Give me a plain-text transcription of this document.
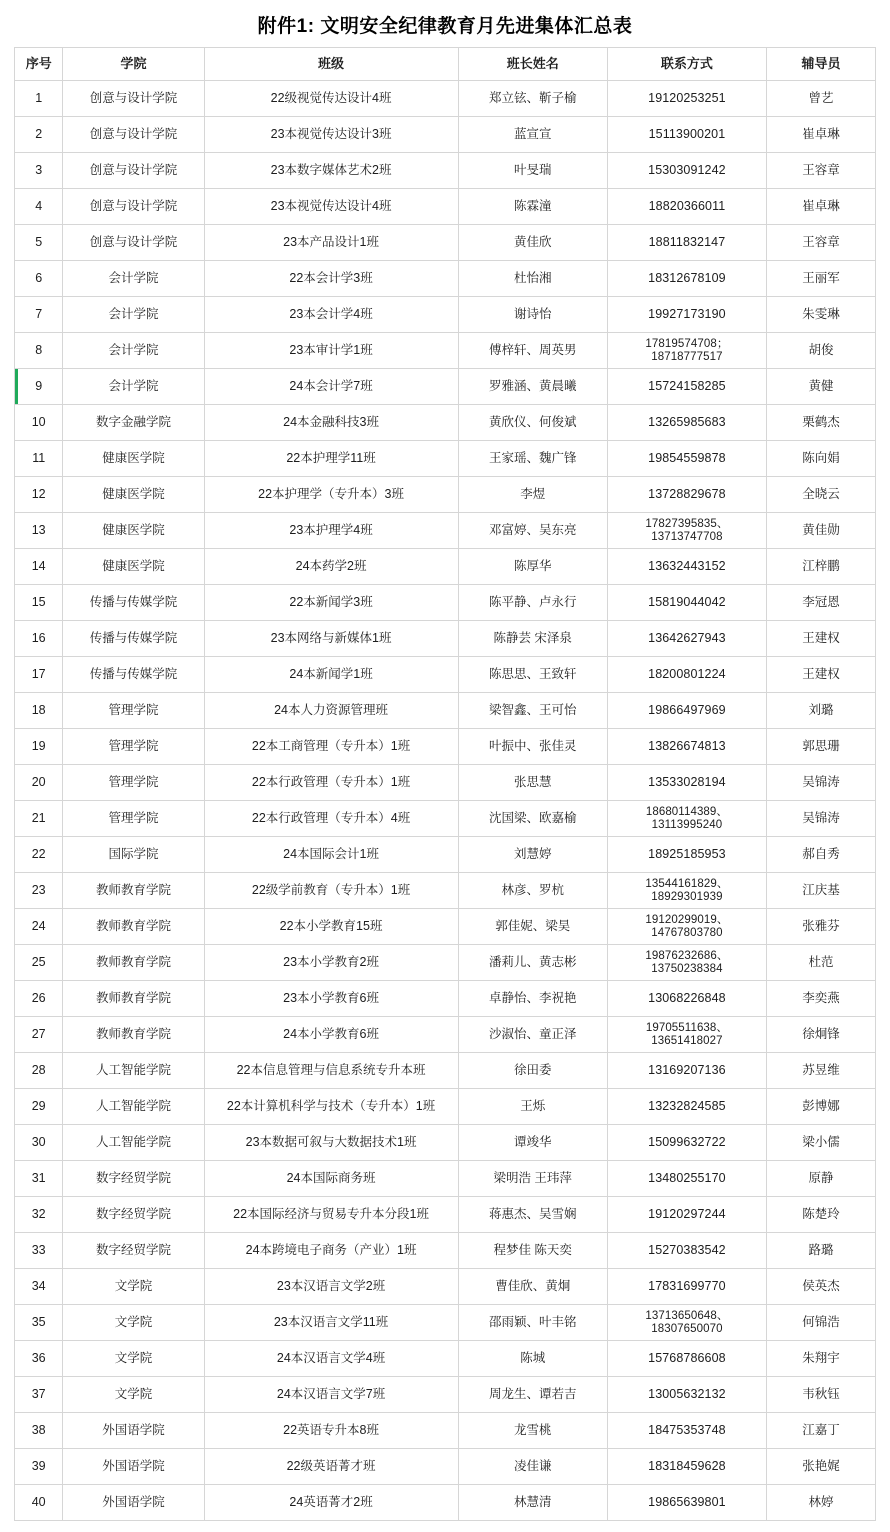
附件1: 文明安全纪律教育月先进集体汇总表
序号	学院	班级	班长姓名	联系方式	辅导员
1	创意与设计学院	22级视觉传达设计4班	郑立铉、靳子榆	19120253251	曾艺
2	创意与设计学院	23本视觉传达设计3班	蓝宣宣	15113900201	崔卓琳
3	创意与设计学院	23本数字媒体艺术2班	叶旻瑞	15303091242	王容章
4	创意与设计学院	23本视觉传达设计4班	陈霖潼	18820366011	崔卓琳
5	创意与设计学院	23本产品设计1班	黄佳欣	18811832147	王容章
6	会计学院	22本会计学3班	杜怡湘	18312678109	王丽军
7	会计学院	23本会计学4班	谢诗怡	19927173190	朱雯琳
8	会计学院	23本审计学1班	傅梓轩、周英男	17819574708；
18718777517	胡俊
9	会计学院	24本会计学7班	罗雅涵、黄晨曦	15724158285	黄健
10	数字金融学院	24本金融科技3班	黄欣仪、何俊斌	13265985683	栗鹤杰
11	健康医学院	22本护理学11班	王家瑶、魏广锋	19854559878	陈向娟
12	健康医学院	22本护理学（专升本）3班	李煜	13728829678	全晓云
13	健康医学院	23本护理学4班	邓富婷、吴东亮	17827395835、
13713747708	黄佳勋
14	健康医学院	24本药学2班	陈厚华	13632443152	江梓鹏
15	传播与传媒学院	22本新闻学3班	陈平静、卢永行	15819044042	李冠恩
16	传播与传媒学院	23本网络与新媒体1班	陈静芸 宋泽泉	13642627943	王建权
17	传播与传媒学院	24本新闻学1班	陈思思、王致轩	18200801224	王建权
18	管理学院	24本人力资源管理班	梁智鑫、王可怡	19866497969	刘璐
19	管理学院	22本工商管理（专升本）1班	叶振中、张佳灵	13826674813	郭思珊
20	管理学院	22本行政管理（专升本）1班	张思慧	13533028194	吴锦涛
21	管理学院	22本行政管理（专升本）4班	沈国梁、欧嘉榆	18680114389、
13113995240	吴锦涛
22	国际学院	24本国际会计1班	刘慧婷	18925185953	郝自秀
23	教师教育学院	22级学前教育（专升本）1班	林彦、罗杭	13544161829、
18929301939	江庆基
24	教师教育学院	22本小学教育15班	郭佳妮、梁昊	19120299019、
14767803780	张雅芬
25	教师教育学院	23本小学教育2班	潘莉儿、黄志彬	19876232686、
13750238384	杜范
26	教师教育学院	23本小学教育6班	卓静怡、李祝艳	13068226848	李奕燕
27	教师教育学院	24本小学教育6班	沙淑怡、童正泽	19705511638、
13651418027	徐炯锋
28	人工智能学院	22本信息管理与信息系统专升本班	徐田委	13169207136	苏昱维
29	人工智能学院	22本计算机科学与技术（专升本）1班	王烁	13232824585	彭博娜
30	人工智能学院	23本数据可叙与大数据技术1班	谭竣华	15099632722	梁小儒
31	数字经贸学院	24本国际商务班	梁明浩 王玮萍	13480255170	原静
32	数字经贸学院	22本国际经济与贸易专升本分段1班	蒋惠杰、吴雪娴	19120297244	陈楚玲
33	数字经贸学院	24本跨境电子商务（产业）1班	程梦佳 陈天奕	15270383542	路璐
34	文学院	23本汉语言文学2班	曹佳欣、黄炯	17831699770	侯英杰
35	文学院	23本汉语言文学11班	邵雨颖、叶丰铭	13713650648、
18307650070	何锦浩
36	文学院	24本汉语言文学4班	陈城	15768786608	朱翔宇
37	文学院	24本汉语言文学7班	周龙生、谭若吉	13005632132	韦秋钰
38	外国语学院	22英语专升本8班	龙雪桃	18475353748	江嘉丁
39	外国语学院	22级英语菁才班	凌佳谦	18318459628	张艳娓
40	外国语学院	24英语菁才2班	林慧清	19865639801	林婷
